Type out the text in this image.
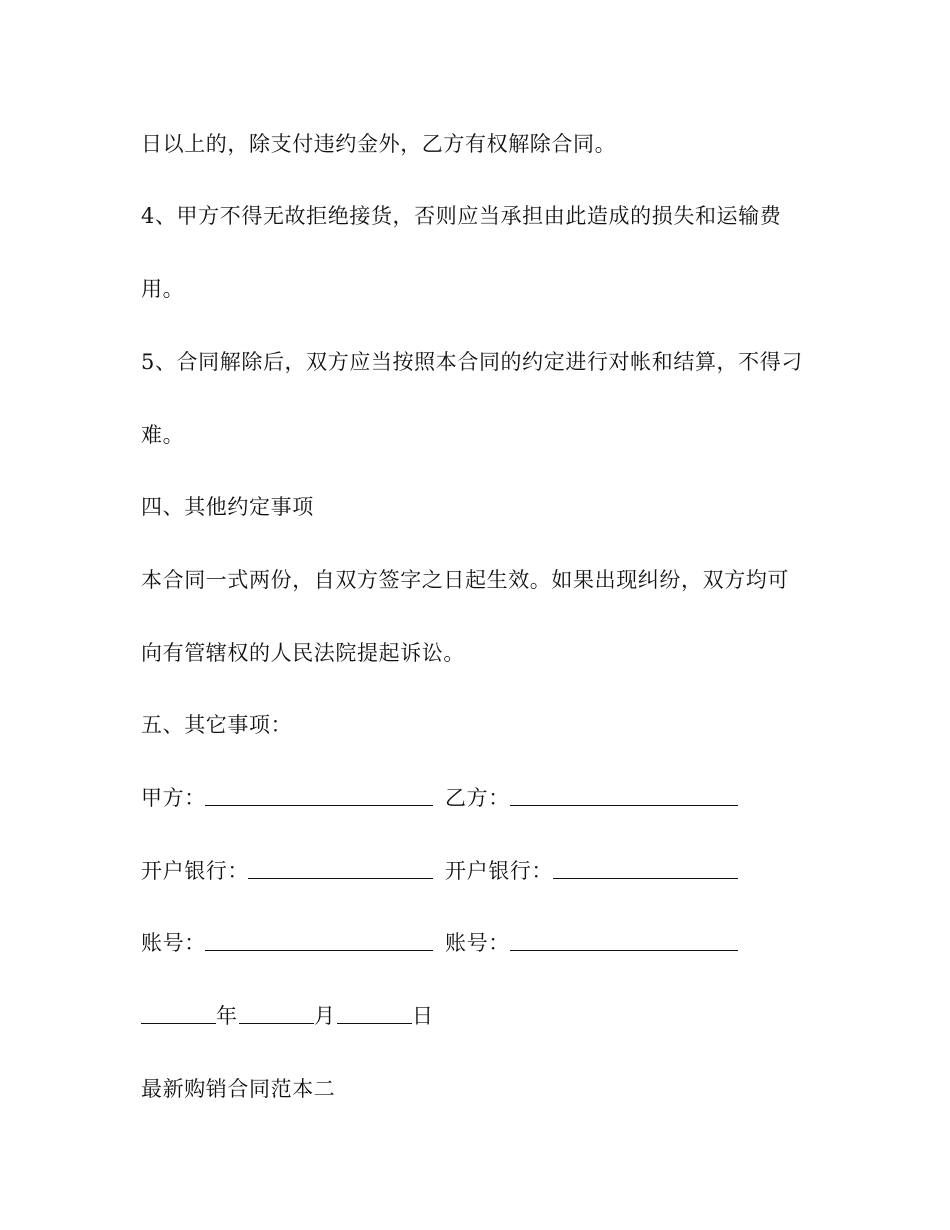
日以上的，除支付违约金外，乙方有权解除合同。
4、甲方不得无故拒绝接货，否则应当承担由此造成的损失和运输费
用。
5、合同解除后，双方应当按照本合同的约定进行对帐和结算，不得刁
难。
四、其他约定事项
本合同一式两份，自双方签字之日起生效。如果出现纠纷，双方均可
向有管辖权的人民法院提起诉讼。
五、其它事项：
甲方：	乙方：
开户银行：	开户银行：
账号：	账号：
年	月	日
最新购销合同范本二
